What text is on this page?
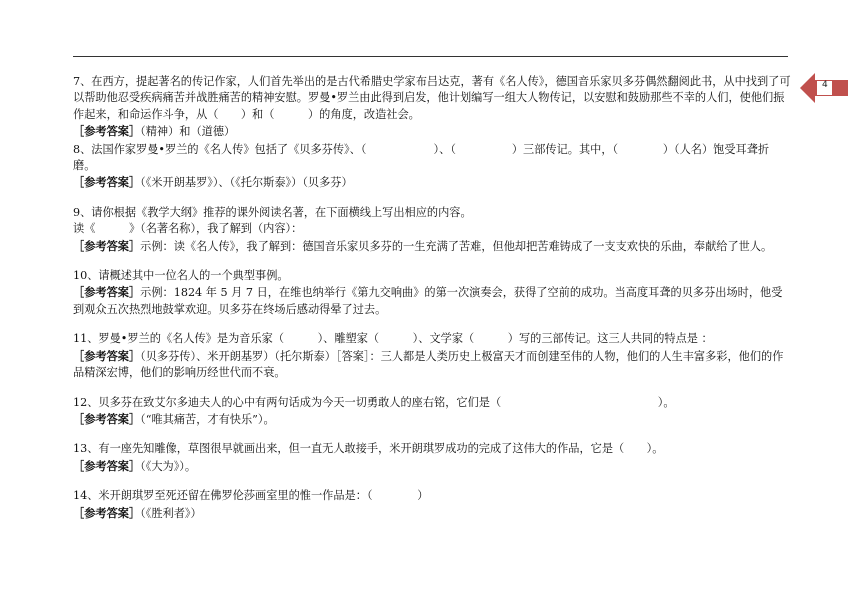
4

7、在西方，提起著名的传记作家，人们首先举出的是古代希腊史学家布吕达克，著有《名人传》，德国音乐家贝多芬偶然翻阅此书，从中找到了可以帮助他忍受疾病痛苦并战胜痛苦的精神安慰。罗曼•罗兰由此得到启发，他计划编写一组大人物传记，以安慰和鼓励那些不幸的人们，使他们振作起来，和命运作斗争，从（　　）和（　　　）的角度，改造社会。

［参考答案］（精神）和（道德）

8、法国作家罗曼•罗兰的《名人传》包括了《贝多芬传》、（　　　　　　）、（　　　　　）三部传记。其中，（　　　　）（人名）饱受耳聋折磨。

［参考答案］（《米开朗基罗》）、（《托尔斯泰》）（贝多芬）

9、请你根据《教学大纲》推荐的课外阅读名著，在下面横线上写出相应的内容。

读《　　　》（名著名称），我了解到（内容）：

［参考答案］示例：读《名人传》，我了解到：德国音乐家贝多芬的一生充满了苦难，但他却把苦难铸成了一支支欢快的乐曲，奉献给了世人。

10、请概述其中一位名人的一个典型事例。

［参考答案］示例：1824 年 5 月 7 日，在维也纳举行《第九交响曲》的第一次演奏会，获得了空前的成功。当高度耳聋的贝多芬出场时，他受到观众五次热烈地鼓掌欢迎。贝多芬在终场后感动得晕了过去。

11、罗曼•罗兰的《名人传》是为音乐家（　　　）、雕塑家（　　　）、文学家（　　　）写的三部传记。这三人共同的特点是 ：

［参考答案］（贝多芬传）、米开朗基罗）（托尔斯泰）［答案］：三人都是人类历史上极富天才而创建至伟的人物，他们的人生丰富多彩，他们的作品精深宏博，他们的影响历经世代而不衰。

12、贝多芬在致艾尔多迪夫人的心中有两句话成为今天一切勇敢人的座右铭，它们是（　　　　　　　　　　　　　　）。

［参考答案］（“唯其痛苦，才有快乐”）。

13、有一座先知雕像，草图很早就画出来，但一直无人敢接手，米开朗琪罗成功的完成了这伟大的作品，它是（　　）。

［参考答案］（《大为》）。

14、米开朗琪罗至死还留在佛罗伦莎画室里的惟一作品是：（　　　　）

［参考答案］（《胜利者》）
